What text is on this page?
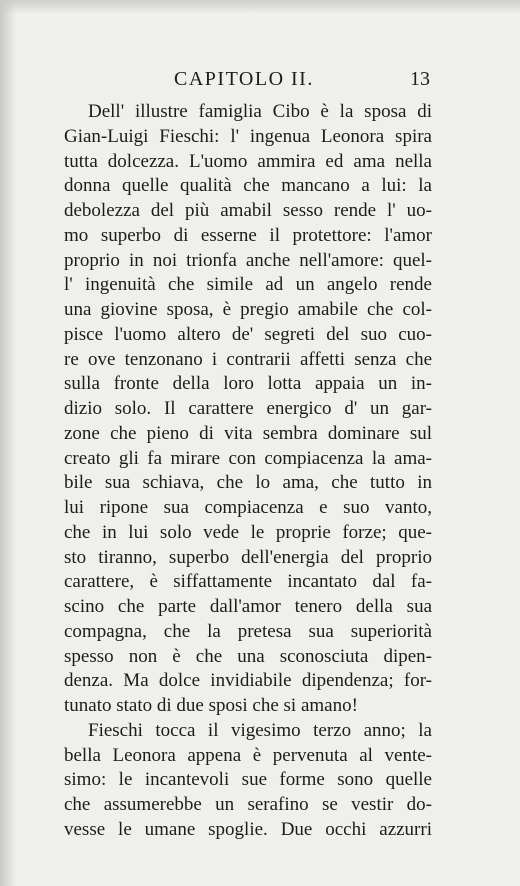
CAPITOLO II.	13
Dell' illustre famiglia Cibo è la sposa di
Gian-Luigi Fieschi: l' ingenua Leonora spira
tutta dolcezza. L'uomo ammira ed ama nella
donna quelle qualità che mancano a lui: la
debolezza del più amabil sesso rende l' uo-
mo superbo di esserne il protettore: l'amor
proprio in noi trionfa anche nell'amore: quel-
l' ingenuità che simile ad un angelo rende
una giovine sposa, è pregio amabile che col-
pisce l'uomo altero de' segreti del suo cuo-
re ove tenzonano i contrarii affetti senza che
sulla fronte della loro lotta appaia un in-
dizio solo. Il carattere energico d' un gar-
zone che pieno di vita sembra dominare sul
creato gli fa mirare con compiacenza la ama-
bile sua schiava, che lo ama, che tutto in
lui ripone sua compiacenza e suo vanto,
che in lui solo vede le proprie forze; que-
sto tiranno, superbo dell'energia del proprio
carattere, è siffattamente incantato dal fa-
scino che parte dall'amor tenero della sua
compagna, che la pretesa sua superiorità
spesso non è che una sconosciuta dipen-
denza. Ma dolce invidiabile dipendenza; for-
tunato stato di due sposi che si amano!
Fieschi tocca il vigesimo terzo anno; la
bella Leonora appena è pervenuta al vente-
simo: le incantevoli sue forme sono quelle
che assumerebbe un serafino se vestir do-
vesse le umane spoglie. Due occhi azzurri
